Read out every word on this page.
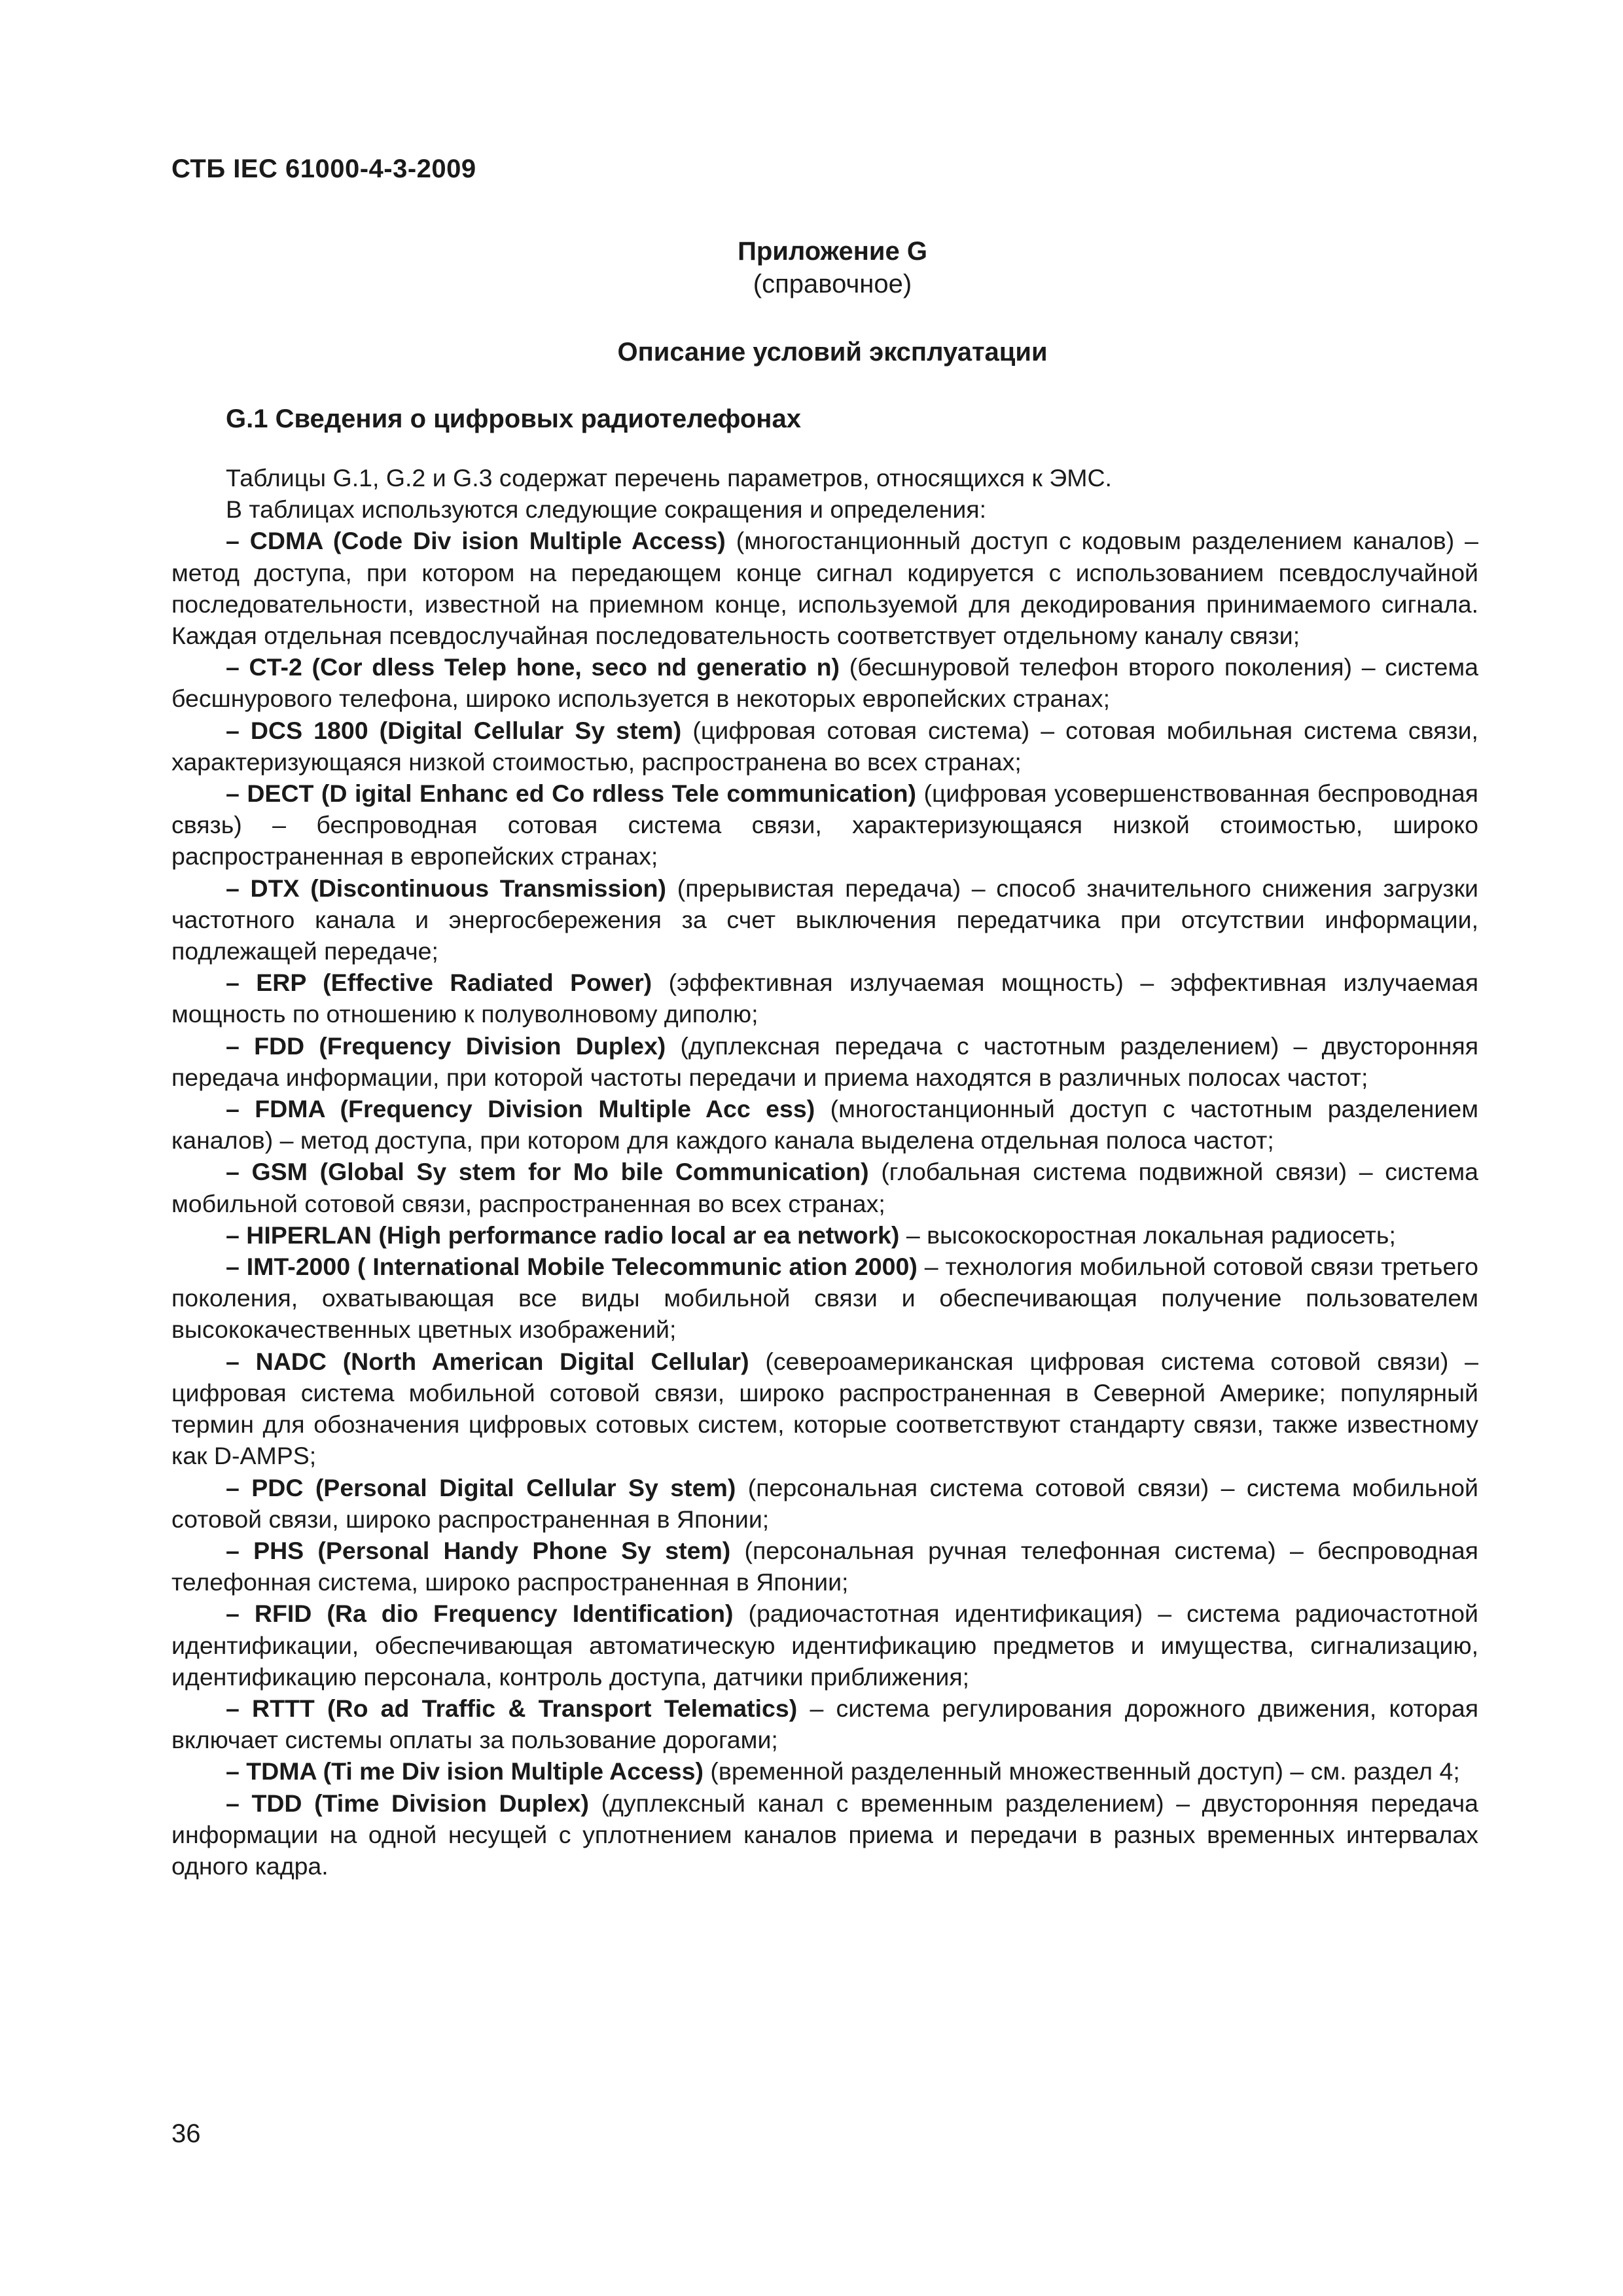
СТБ IEC 61000-4-3-2009
Приложение G
(справочное)
Описание условий эксплуатации
G.1 Сведения о цифровых радиотелефонах

Таблицы G.1, G.2 и G.3 содержат перечень параметров, относящихся к ЭМС.

В таблицах используются следующие сокращения и определения:

– CDMA (Code Div ision Multiple Access) (многостанционный доступ с кодовым разделением каналов) – метод доступа, при котором на передающем конце сигнал кодируется с использованием псевдослучайной последовательности, известной на приемном конце, используемой для декодирования принимаемого сигнала. Каждая отдельная псевдослучайная последовательность соответствует отдельному каналу связи;

– CT-2 (Cor dless Telep hone, seco nd generatio n) (бесшнуровой телефон второго поколения) – система бесшнурового телефона, широко используется в некоторых европейских странах;

– DCS 1800 (Digital Cellular Sy stem) (цифровая сотовая система) – сотовая мобильная система связи, характеризующаяся низкой стоимостью, распространена во всех странах;

– DECT (D igital Enhanc ed Co rdless Tele communication) (цифровая усовершенствованная беспроводная связь) – беспроводная сотовая система связи, характеризующаяся низкой стоимостью, широко распространенная в европейских странах;

– DTX (Discontinuous Transmission) (прерывистая передача) – способ значительного снижения загрузки частотного канала и энергосбережения за счет выключения передатчика при отсутствии информации, подлежащей передаче;

– ERP (Effective Radiated Power) (эффективная излучаемая мощность) – эффективная излучаемая мощность по отношению к полуволновому диполю;

– FDD (Frequency Division Duplex) (дуплексная передача с частотным разделением) – двусторонняя передача информации, при которой частоты передачи и приема находятся в различных полосах частот;

– FDMA (Frequency Division Multiple Acc ess) (многостанционный доступ с частотным разделением каналов) – метод доступа, при котором для каждого канала выделена отдельная полоса частот;

– GSM (Global Sy stem for Mo bile Communication) (глобальная система подвижной связи) – система мобильной сотовой связи, распространенная во всех странах;

– HIPERLAN (High performance radio local ar ea network) – высокоскоростная локальная радиосеть;

– IMT-2000 ( International Mobile Telecommunic ation 2000) – технология мобильной сотовой связи третьего поколения, охватывающая все виды мобильной связи и обеспечивающая получение пользователем высококачественных цветных изображений;

– NADC (North American Digital Cellular) (североамериканская цифровая система сотовой связи) – цифровая система мобильной сотовой связи, широко распространенная в Северной Америке; популярный термин для обозначения цифровых сотовых систем, которые соответствуют стандарту связи, также известному как D-AMPS;

– PDC (Personal Digital Cellular Sy stem) (персональная система сотовой связи) – система мобильной сотовой связи, широко распространенная в Японии;

– PHS (Personal Handy Phone Sy stem) (персональная ручная телефонная система) – беспроводная телефонная система, широко распространенная в Японии;

– RFID (Ra dio Frequency Identification) (радиочастотная идентификация) – система радиочастотной идентификации, обеспечивающая автоматическую идентификацию предметов и имущества, сигнализацию, идентификацию персонала, контроль доступа, датчики приближения;

– RTTT (Ro ad Traffic & Transport Telematics) – система регулирования дорожного движения, которая включает системы оплаты за пользование дорогами;

– TDMA (Ti me Div ision Multiple Access) (временной разделенный множественный доступ) – см. раздел 4;

– TDD (Time Division Duplex) (дуплексный канал с временным разделением) – двусторонняя передача информации на одной несущей с уплотнением каналов приема и передачи в разных временных интервалах одного кадра.

36
